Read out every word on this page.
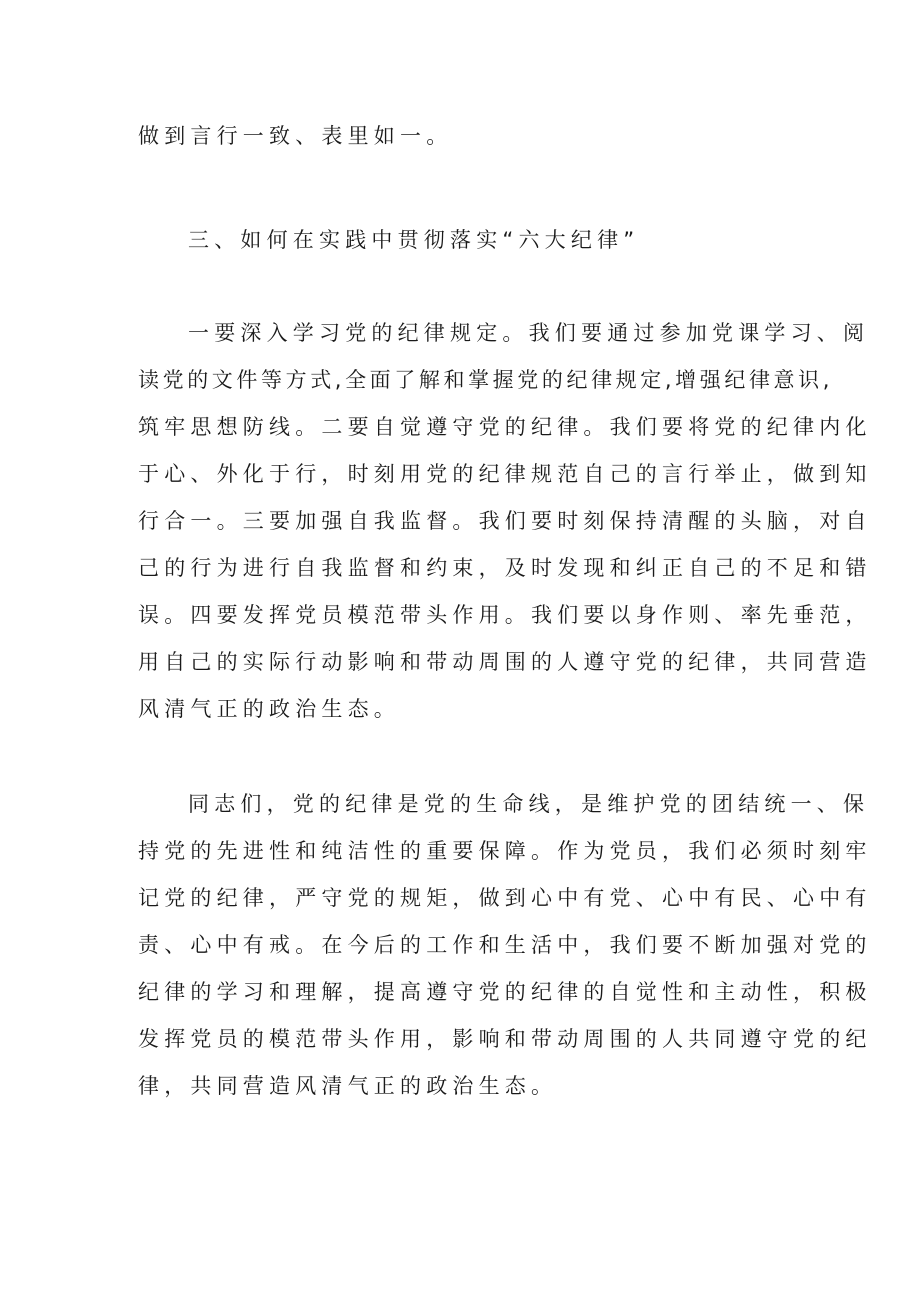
做到言行一致、表里如一。
三、如何在实践中贯彻落实“六大纪律”
一要深入学习党的纪律规定。我们要通过参加党课学习、阅
读党的文件等方式,全面了解和掌握党的纪律规定,增强纪律意识,
筑牢思想防线。二要自觉遵守党的纪律。我们要将党的纪律内化
于心、外化于行，时刻用党的纪律规范自己的言行举止，做到知
行合一。三要加强自我监督。我们要时刻保持清醒的头脑，对自
己的行为进行自我监督和约束，及时发现和纠正自己的不足和错
误。四要发挥党员模范带头作用。我们要以身作则、率先垂范，
用自己的实际行动影响和带动周围的人遵守党的纪律，共同营造
风清气正的政治生态。
同志们，党的纪律是党的生命线，是维护党的团结统一、保
持党的先进性和纯洁性的重要保障。作为党员，我们必须时刻牢
记党的纪律，严守党的规矩，做到心中有党、心中有民、心中有
责、心中有戒。在今后的工作和生活中，我们要不断加强对党的
纪律的学习和理解，提高遵守党的纪律的自觉性和主动性，积极
发挥党员的模范带头作用，影响和带动周围的人共同遵守党的纪
律，共同营造风清气正的政治生态。
